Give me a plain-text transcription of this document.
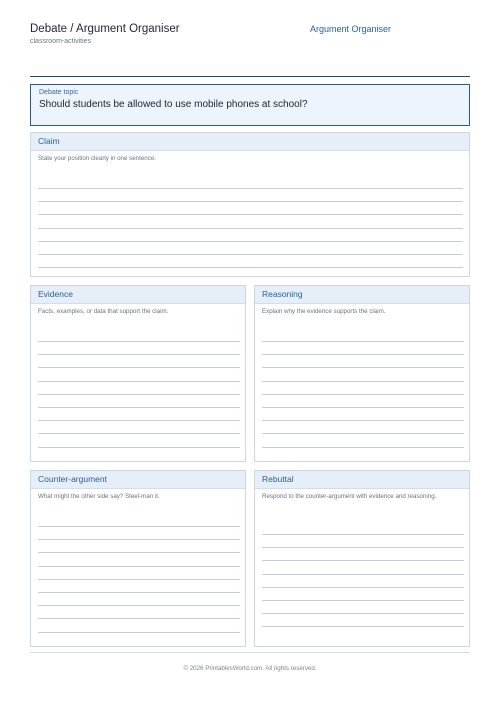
Debate / Argument Organiser
classroom-activities
Argument Organiser
Debate topic
Should students be allowed to use mobile phones at school?
Claim
State your position clearly in one sentence.
Evidence
Facts, examples, or data that support the claim.
Reasoning
Explain why the evidence supports the claim.
Counter-argument
What might the other side say? Steel-man it.
Rebuttal
Respond to the counter-argument with evidence and reasoning.
© 2026 PrintablesWorld.com. All rights reserved.
